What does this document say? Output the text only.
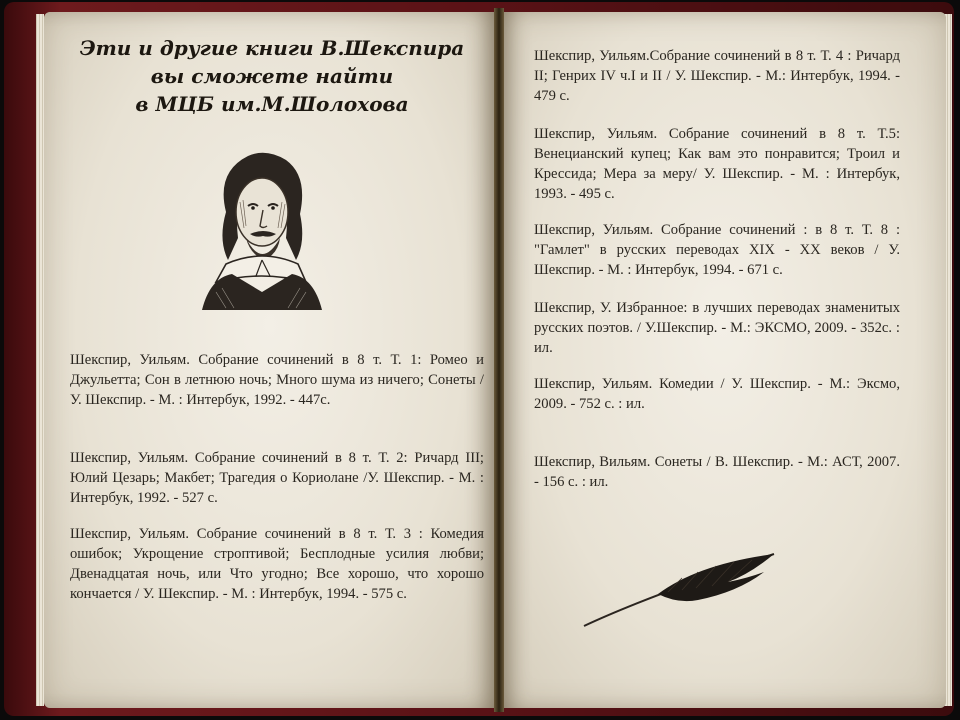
Эти и другие книги В.Шекспира
вы сможете найти
в МЦБ им.М.Шолохова

Шекспир, Уильям. Собрание сочинений в 8 т. Т. 1: Ромео и Джульетта; Сон в летнюю ночь; Много шума из ничего; Сонеты / У. Шекспир. - М. : Интербук, 1992. - 447с.

Шекспир, Уильям. Собрание сочинений в 8 т. Т. 2: Ричард III; Юлий Цезарь; Макбет; Трагедия о Кориолане /У. Шекспир. - М. : Интербук, 1992. - 527 с.

Шекспир, Уильям. Собрание сочинений в 8 т. Т. 3 : Комедия ошибок; Укрощение строптивой; Бесплодные усилия любви; Двенадцатая ночь, или Что угодно; Все хорошо, что хорошо кончается / У. Шекспир. - М. : Интербук, 1994. - 575 с.

Шекспир, Уильям.Собрание сочинений в 8 т. Т. 4 : Ричард II; Генрих IV ч.I и II / У. Шекспир. - М.: Интербук, 1994. - 479 с.

Шекспир, Уильям. Собрание сочинений в 8 т. Т.5: Венецианский купец; Как вам это понравится; Троил и Крессида; Мера за меру/ У. Шекспир. - М. : Интербук, 1993. - 495 с.

Шекспир, Уильям. Собрание сочинений : в 8 т. Т. 8 : "Гамлет" в русских переводах XIX - XX веков / У. Шекспир. - М. : Интербук, 1994. - 671 с.

Шекспир, У. Избранное: в лучших переводах знаменитых русских поэтов. / У.Шекспир. - М.: ЭКСМО, 2009. - 352с. : ил.

Шекспир, Уильям. Комедии / У. Шекспир. - М.: Эксмо, 2009. - 752 с. : ил.

Шекспир, Вильям. Сонеты / В. Шекспир. - М.: АСТ, 2007. - 156 с. : ил.
